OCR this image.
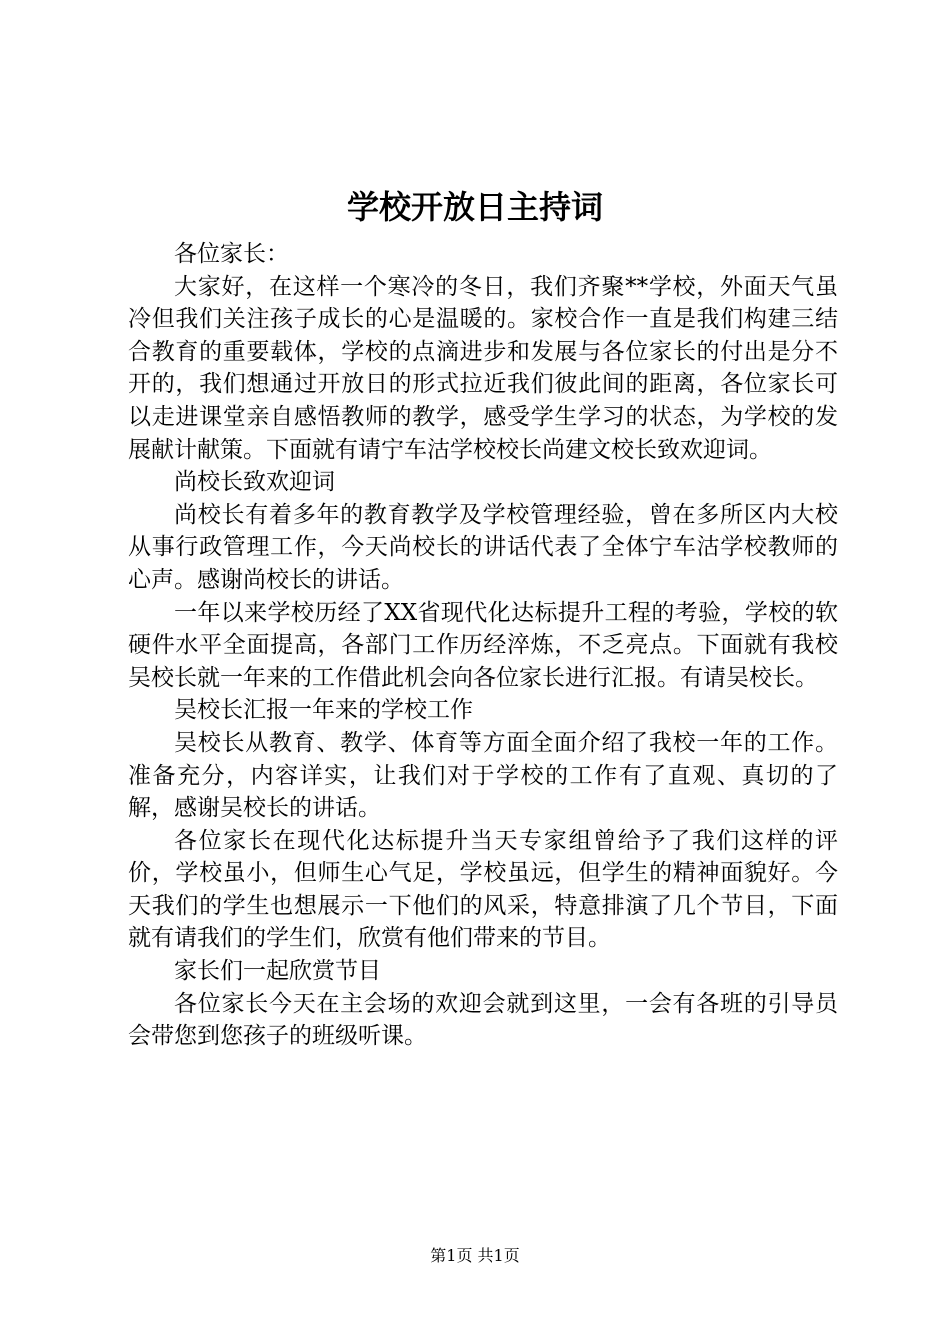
学校开放日主持词

各位家长：

大家好，在这样一个寒冷的冬日，我们齐聚**学校，外面天气虽冷但我们关注孩子成长的心是温暖的。家校合作一直是我们构建三结合教育的重要载体，学校的点滴进步和发展与各位家长的付出是分不开的，我们想通过开放日的形式拉近我们彼此间的距离，各位家长可以走进课堂亲自感悟教师的教学，感受学生学习的状态，为学校的发展献计献策。下面就有请宁车沽学校校长尚建文校长致欢迎词。

尚校长致欢迎词

尚校长有着多年的教育教学及学校管理经验，曾在多所区内大校从事行政管理工作，今天尚校长的讲话代表了全体宁车沽学校教师的心声。感谢尚校长的讲话。

一年以来学校历经了XX省现代化达标提升工程的考验，学校的软硬件水平全面提高，各部门工作历经淬炼，不乏亮点。下面就有我校吴校长就一年来的工作借此机会向各位家长进行汇报。有请吴校长。

吴校长汇报一年来的学校工作

吴校长从教育、教学、体育等方面全面介绍了我校一年的工作。准备充分，内容详实，让我们对于学校的工作有了直观、真切的了解，感谢吴校长的讲话。

各位家长在现代化达标提升当天专家组曾给予了我们这样的评价，学校虽小，但师生心气足，学校虽远，但学生的精神面貌好。今天我们的学生也想展示一下他们的风采，特意排演了几个节目，下面就有请我们的学生们，欣赏有他们带来的节目。

家长们一起欣赏节目

各位家长今天在主会场的欢迎会就到这里，一会有各班的引导员会带您到您孩子的班级听课。

第1页 共1页
